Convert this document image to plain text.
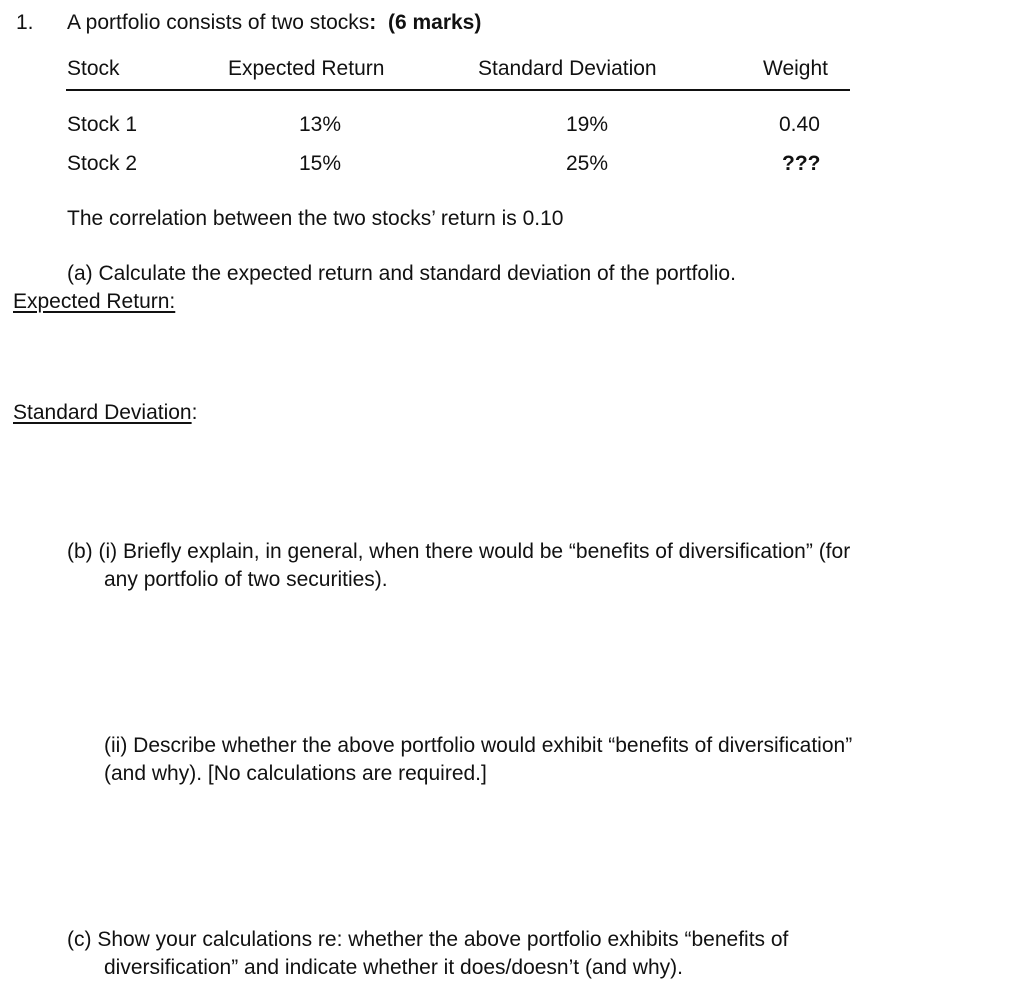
1. A portfolio consists of two stocks: (6 marks)
Stock	Expected Return	Standard Deviation	Weight
Stock 1	13%	19%	0.40
Stock 2	15%	25%	???
The correlation between the two stocks’ return is 0.10
(a) Calculate the expected return and standard deviation of the portfolio.
Expected Return:
Standard Deviation:
(b) (i) Briefly explain, in general, when there would be “benefits of diversification” (for
any portfolio of two securities).
(ii) Describe whether the above portfolio would exhibit “benefits of diversification”
(and why). [No calculations are required.]
(c) Show your calculations re: whether the above portfolio exhibits “benefits of
diversification” and indicate whether it does/doesn’t (and why).
